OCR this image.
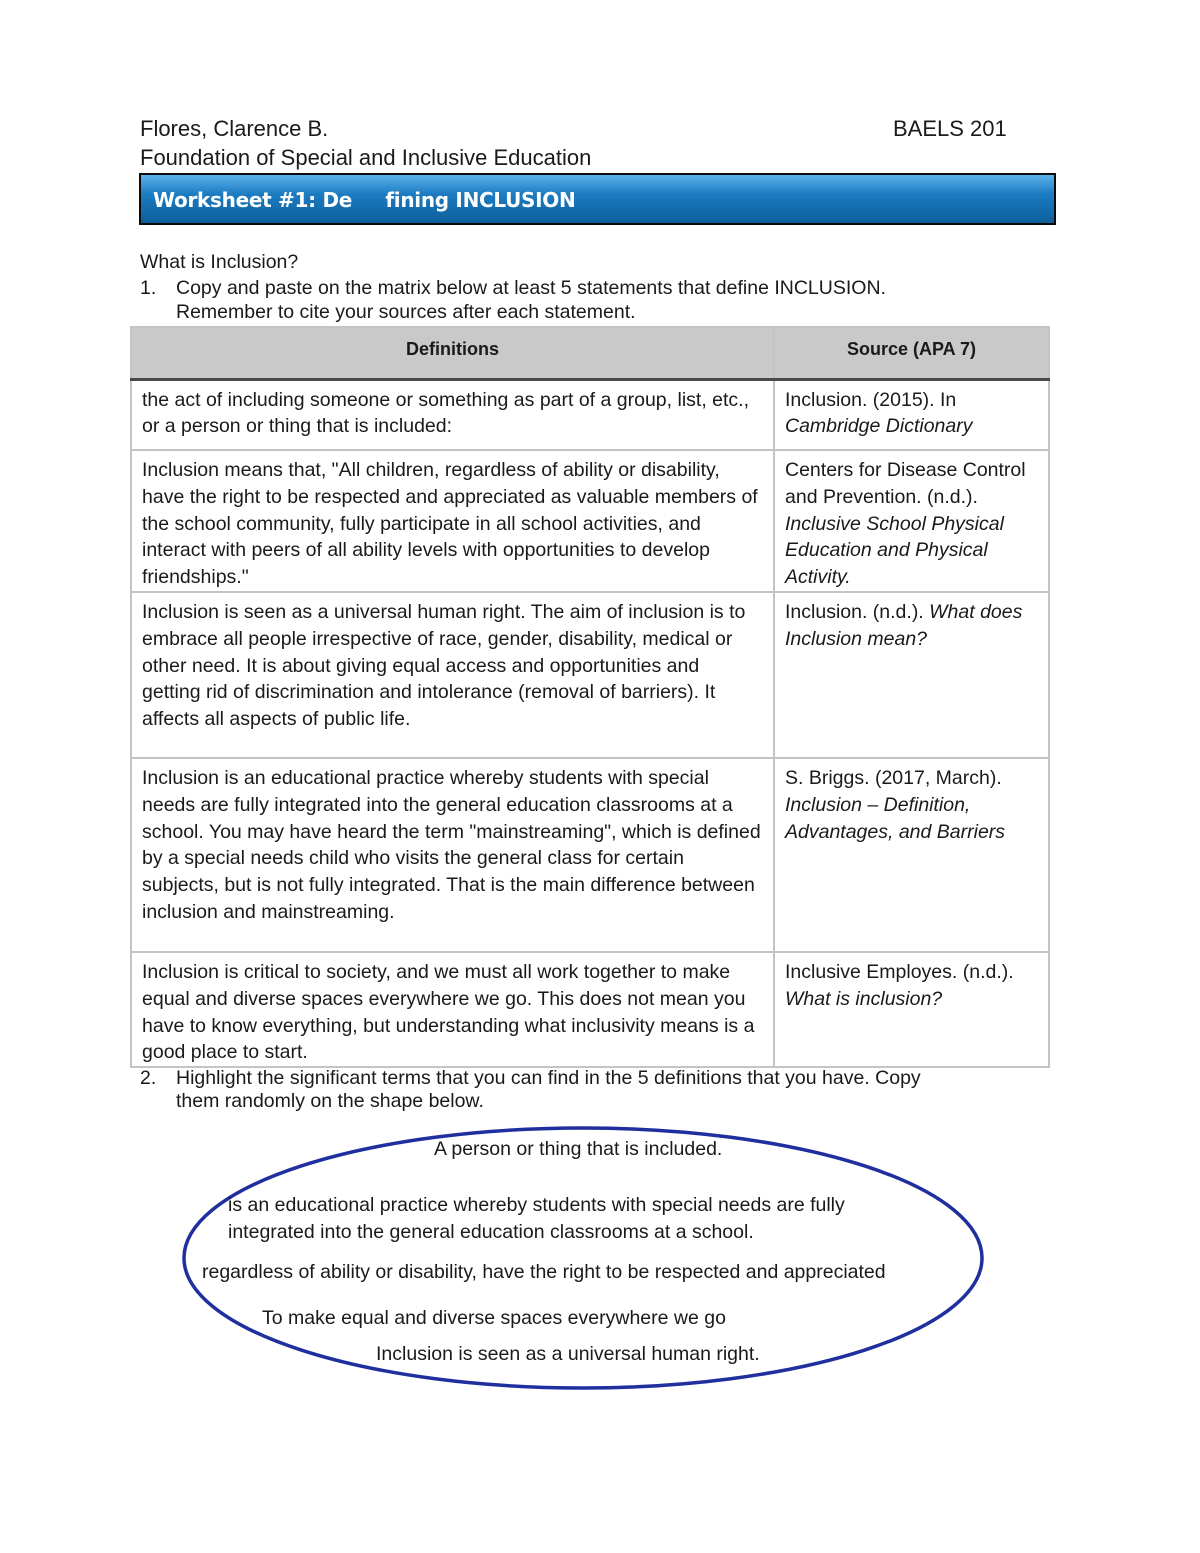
Flores, Clarence B.	BAELS 201
Foundation of Special and Inclusive Education
Worksheet #1: De     fining INCLUSION
What is Inclusion?
1. Copy and paste on the matrix below at least 5 statements that define INCLUSION.
Remember to cite your sources after each statement.
Definitions	Source (APA 7)
the act of including someone or something as part of a group, list, etc., or a person or thing that is included:	Inclusion. (2015). In
Cambridge Dictionary
Inclusion means that, "All children, regardless of ability or disability, have the right to be respected and appreciated as valuable members of the school community, fully participate in all school activities, and interact with peers of all ability levels with opportunities to develop friendships."	Centers for Disease Control and Prevention. (n.d.). Inclusive School Physical Education and Physical Activity.
Inclusion is seen as a universal human right. The aim of inclusion is to embrace all people irrespective of race, gender, disability, medical or other need. It is about giving equal access and opportunities and getting rid of discrimination and intolerance (removal of barriers). It affects all aspects of public life.	Inclusion. (n.d.). What does Inclusion mean?
Inclusion is an educational practice whereby students with special needs are fully integrated into the general education classrooms at a school. You may have heard the term "mainstreaming", which is defined by a special needs child who visits the general class for certain subjects, but is not fully integrated. That is the main difference between inclusion and mainstreaming.	S. Briggs. (2017, March). Inclusion – Definition, Advantages, and Barriers
Inclusion is critical to society, and we must all work together to make equal and diverse spaces everywhere we go. This does not mean you have to know everything, but understanding what inclusivity means is a good place to start.	Inclusive Employes. (n.d.). What is inclusion?
2. Highlight the significant terms that you can find in the 5 definitions that you have. Copy
them randomly on the shape below.
A person or thing that is included.
is an educational practice whereby students with special needs are fully
integrated into the general education classrooms at a school.
regardless of ability or disability, have the right to be respected and appreciated
To make equal and diverse spaces everywhere we go
Inclusion is seen as a universal human right.
